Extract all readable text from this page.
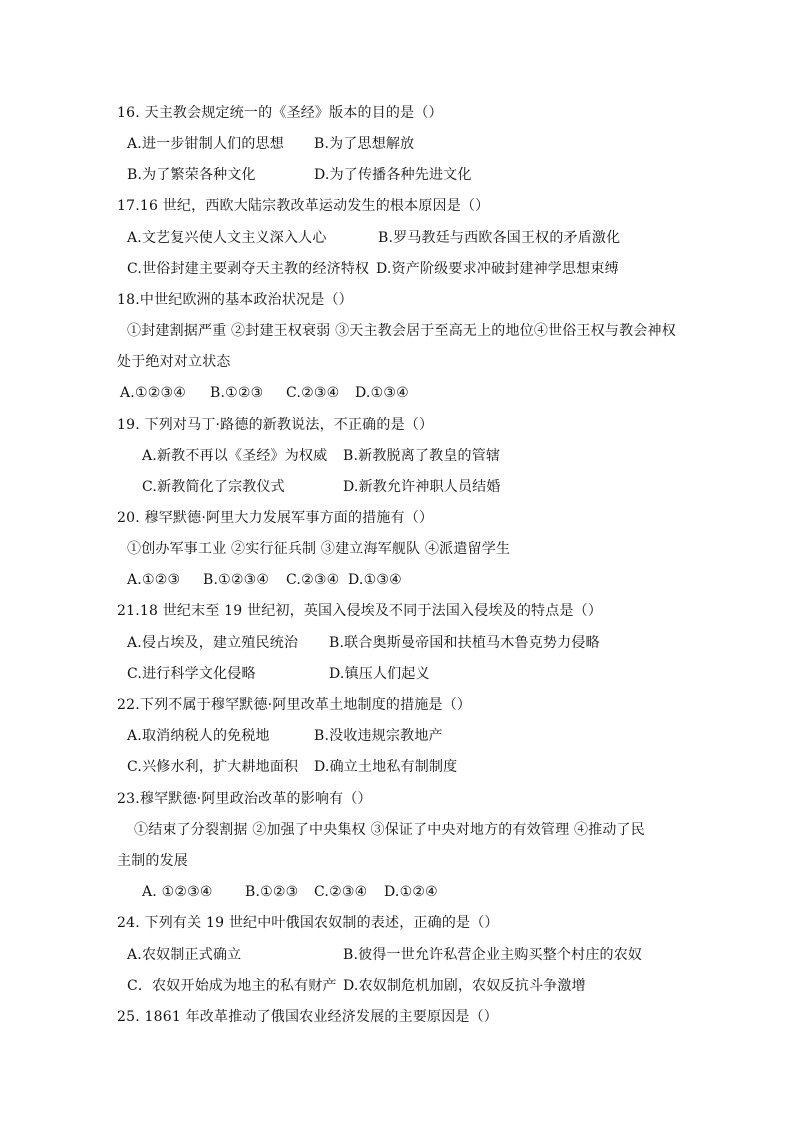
16. 天主教会规定统一的《圣经》版本的目的是（）
A.进一步钳制人们的思想 B.为了思想解放
B.为了繁荣各种文化	D.为了传播各种先进文化
17.16 世纪，西欧大陆宗教改革运动发生的根本原因是（）
A.文艺复兴使人文主义深入人心	B.罗马教廷与西欧各国王权的矛盾激化
C.世俗封建主要剥夺天主教的经济特权 D.资产阶级要求冲破封建神学思想束缚
18.中世纪欧洲的基本政治状况是（）
①封建割据严重 ②封建王权衰弱 ③天主教会居于至高无上的地位④世俗王权与教会神权
处于绝对对立状态
A.①②③④ B.①②③ C.②③④ D.①③④
19. 下列对马丁·路德的新教说法，不正确的是（）
A.新教不再以《圣经》为权威 B.新教脱离了教皇的管辖
C.新教简化了宗教仪式	D.新教允许神职人员结婚
20. 穆罕默德·阿里大力发展军事方面的措施有（）
①创办军事工业 ②实行征兵制 ③建立海军舰队 ④派遣留学生
A.①②③ B.①②③④ C.②③④ D.①③④
21.18 世纪末至 19 世纪初，英国入侵埃及不同于法国入侵埃及的特点是（）
A.侵占埃及，建立殖民统治 B.联合奥斯曼帝国和扶植马木鲁克势力侵略
C.进行科学文化侵略	D.镇压人们起义
22.下列不属于穆罕默德·阿里改革土地制度的措施是（）
A.取消纳税人的免税地	B.没收违规宗教地产
C.兴修水利，扩大耕地面积 D.确立土地私有制制度
23.穆罕默德·阿里政治改革的影响有（）
①结束了分裂割据 ②加强了中央集权 ③保证了中央对地方的有效管理 ④推动了民
主制的发展
A. ①②③④ B.①②③ C.②③④ D.①②④
24. 下列有关 19 世纪中叶俄国农奴制的表述，正确的是（）
A.农奴制正式确立	B.彼得一世允许私营企业主购买整个村庄的农奴
C．农奴开始成为地主的私有财产 D.农奴制危机加剧，农奴反抗斗争激增
25. 1861 年改革推动了俄国农业经济发展的主要原因是（）
